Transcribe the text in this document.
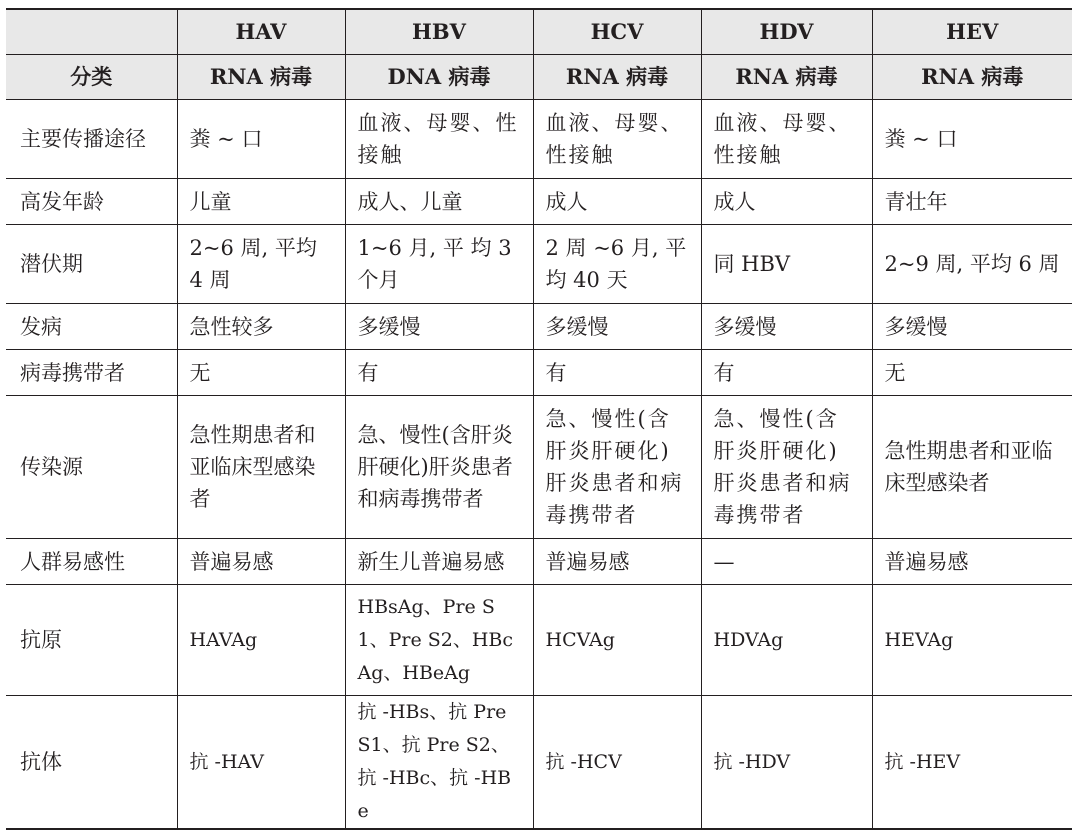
	HAV	HBV	HCV	HDV	HEV
分类	RNA 病毒	DNA 病毒	RNA 病毒	RNA 病毒	RNA 病毒
主要传播途径	粪 ~ 口	血液、母婴、性接触	血液、母婴、性接触	血液、母婴、性接触	粪 ~ 口
高发年龄	儿童	成人、儿童	成人	成人	青壮年
潜伏期	2~6 周, 平均 4 周	1~6 月, 平 均 3 个月	2 周 ~6 月, 平均 40 天	同 HBV	2~9 周, 平均 6 周
发病	急性较多	多缓慢	多缓慢	多缓慢	多缓慢
病毒携带者	无	有	有	有	无
传染源	急性期患者和亚临床型感染者	急、慢性(含肝炎肝硬化)肝炎患者和病毒携带者	急、慢性(含肝炎肝硬化)肝炎患者和病毒携带者	急、慢性(含肝炎肝硬化)肝炎患者和病毒携带者	急性期患者和亚临床型感染者
人群易感性	普遍易感	新生儿普遍易感	普遍易感	—	普遍易感
抗原	HAVAg	HBsAg、Pre S1、Pre S2、HBcAg、HBeAg	HCVAg	HDVAg	HEVAg
抗体	抗 -HAV	抗 -HBs、抗 Pre S1、抗 Pre S2、抗 -HBc、抗 -HBe	抗 -HCV	抗 -HDV	抗 -HEV
